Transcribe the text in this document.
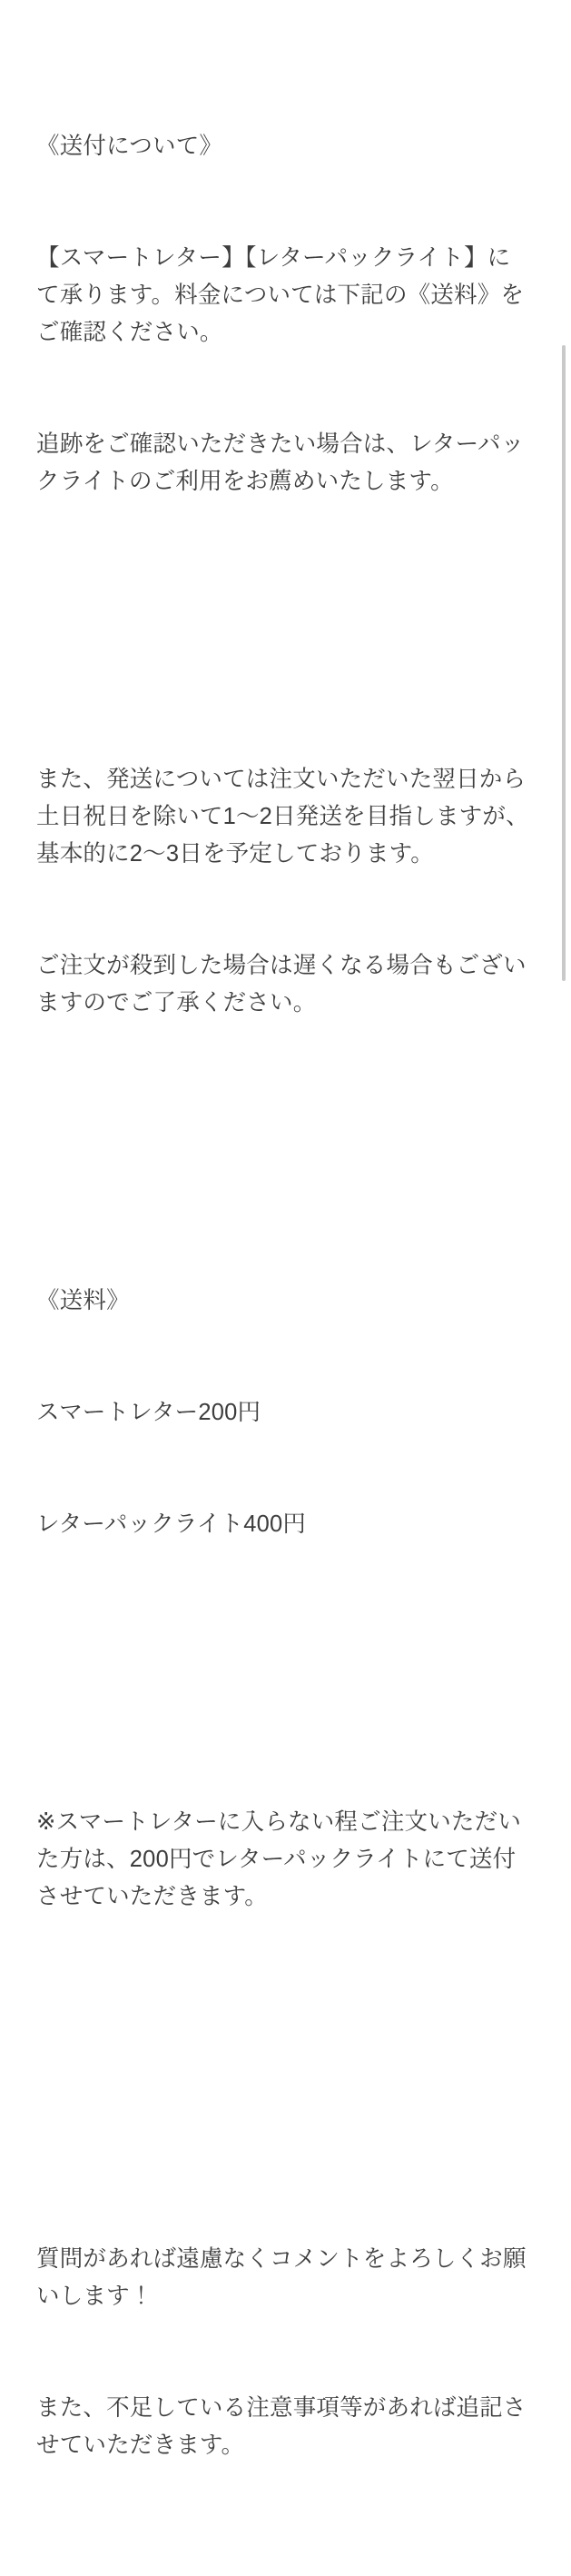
《送付について》

【スマートレター】【レターパックライト】にて承ります。料金については下記の《送料》をご確認ください。

追跡をご確認いただきたい場合は、レターパックライトのご利用をお薦めいたします。

また、発送については注文いただいた翌日から土日祝日を除いて1〜2日発送を目指しますが、基本的に2〜3日を予定しております。

ご注文が殺到した場合は遅くなる場合もございますのでご了承ください。

《送料》

スマートレター200円

レターパックライト400円

※スマートレターに入らない程ご注文いただいた方は、200円でレターパックライトにて送付させていただきます。

質問があれば遠慮なくコメントをよろしくお願いします！

また、不足している注意事項等があれば追記させていただきます。
